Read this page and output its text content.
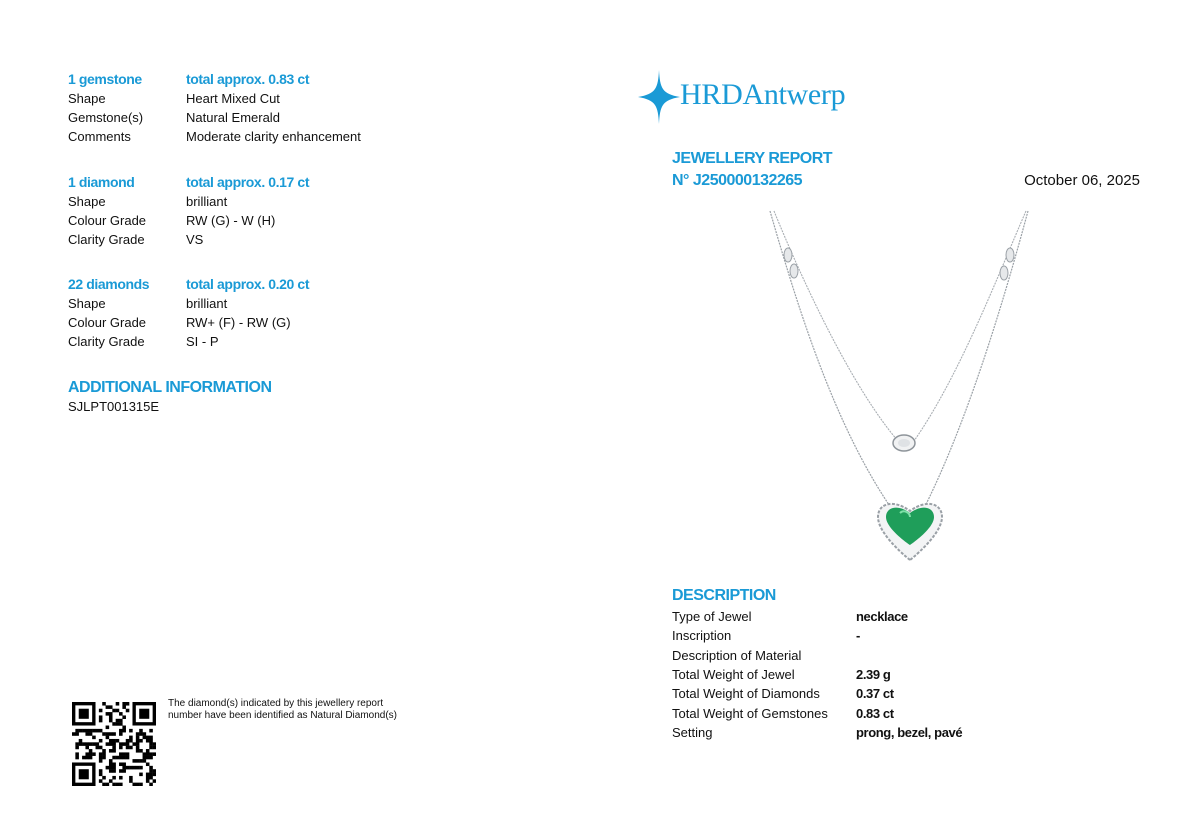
1 gemstone	total approx. 0.83 ct
Shape	Heart Mixed Cut
Gemstone(s)	Natural Emerald
Comments	Moderate clarity enhancement
1 diamond	total approx. 0.17 ct
Shape	brilliant
Colour Grade	RW (G) - W (H)
Clarity Grade	VS
22 diamonds	total approx. 0.20 ct
Shape	brilliant
Colour Grade	RW+ (F) - RW (G)
Clarity Grade	SI - P
ADDITIONAL INFORMATION
SJLPT001315E
The diamond(s) indicated by this jewellery report number have been identified as Natural Diamond(s)
HRDAntwerp
JEWELLERY REPORT
N° J250000132265	October 06, 2025
DESCRIPTION
Type of Jewel	necklace
Inscription	-
Description of Material
Total Weight of Jewel	2.39 g
Total Weight of Diamonds	0.37 ct
Total Weight of Gemstones 0.83 ct
Setting	prong, bezel, pavé
